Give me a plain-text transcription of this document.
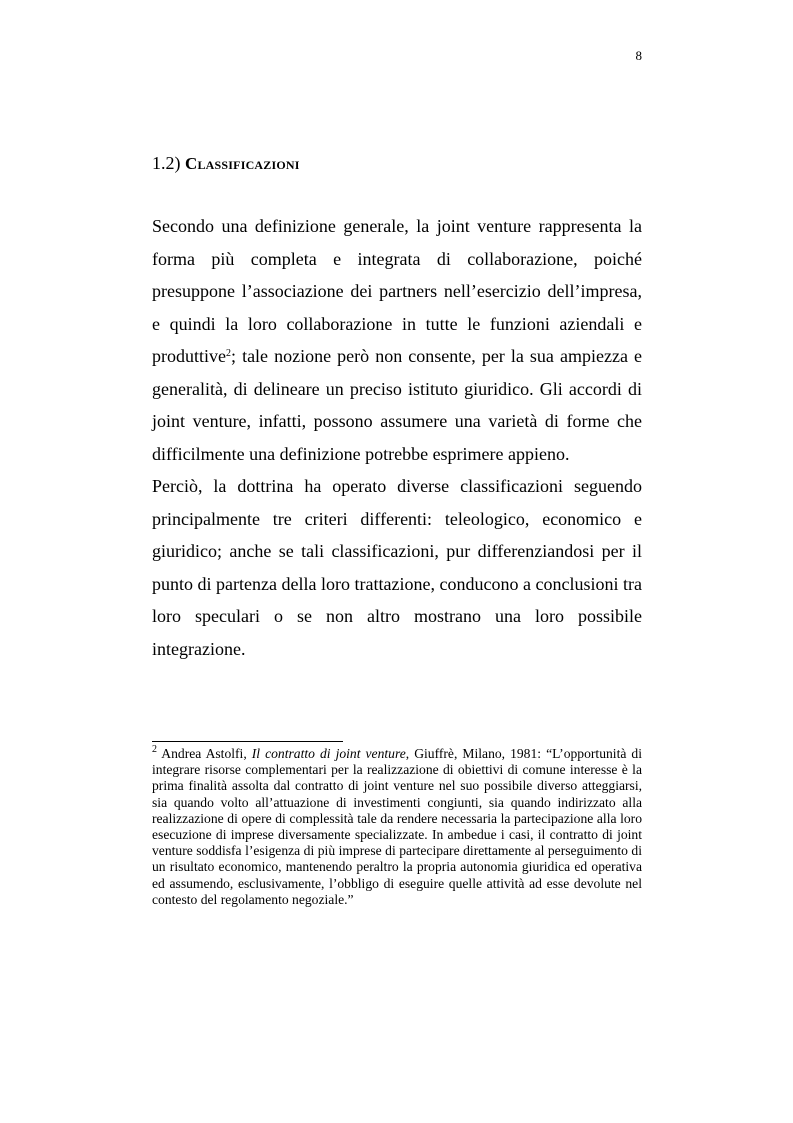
8
1.2) Classificazioni

Secondo una definizione generale, la joint venture rappresenta la forma più completa e integrata di collaborazione, poiché presuppone l’associazione dei partners nell’esercizio dell’impresa, e quindi la loro collaborazione in tutte le funzioni aziendali e produttive$^2$; tale nozione però non consente, per la sua ampiezza e generalità, di delineare un preciso istituto giuridico. Gli accordi di joint venture, infatti, possono assumere una varietà di forme che difficilmente una definizione potrebbe esprimere appieno.

Perciò, la dottrina ha operato diverse classificazioni seguendo principalmente tre criteri differenti: teleologico, economico e giuridico; anche se tali classificazioni, pur differenziandosi per il punto di partenza della loro trattazione, conducono a conclusioni tra loro speculari o se non altro mostrano una loro possibile integrazione.

$^2$ Andrea Astolfi, Il contratto di joint venture, Giuffrè, Milano, 1981: “L’opportunità di integrare risorse complementari per la realizzazione di obiettivi di comune interesse è la prima finalità assolta dal contratto di joint venture nel suo possibile diverso atteggiarsi, sia quando volto all’attuazione di investimenti congiunti, sia quando indirizzato alla realizzazione di opere di complessità tale da rendere necessaria la partecipazione alla loro esecuzione di imprese diversamente specializzate. In ambedue i casi, il contratto di joint venture soddisfa l’esigenza di più imprese di partecipare direttamente al perseguimento di un risultato economico, mantenendo peraltro la propria autonomia giuridica ed operativa ed assumendo, esclusivamente, l’obbligo di eseguire quelle attività ad esse devolute nel contesto del regolamento negoziale.”
